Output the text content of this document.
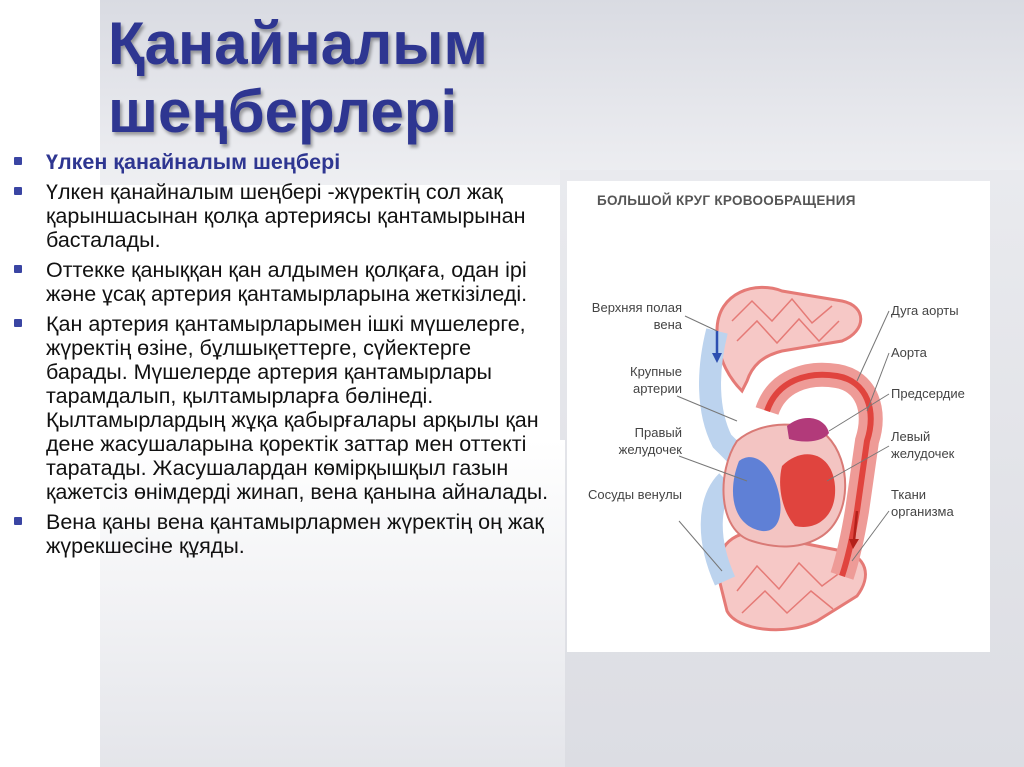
Қанайналым
шеңберлері
Үлкен қанайналым шеңбері
Үлкен қанайналым шеңбері -жүректің сол жақ қарыншасынан қолқа артериясы қантамырынан басталады.
Оттекке қаныққан қан алдымен қолқаға, одан ірі және ұсақ артерия қантамырларына жеткізіледі.
Қан артерия қантамырларымен ішкі мүшелерге, жүректің өзіне, бұлшықеттерге, сүйектерге барады. Мүшелерде артерия қантамырлары тарамдалып, қылтамырларға бөлінеді. Қылтамырлардың жұқа қабырғалары арқылы қан дене жасушаларына қоректік заттар мен оттекті таратады. Жасушалардан көмірқышқыл газын қажетсіз өнімдерді жинап, вена қанына айналады.
Вена қаны вена қантамырлармен жүректің оң жақ жүрекшесіне құяды.
БОЛЬШОЙ КРУГ КРОВООБРАЩЕНИЯ
Верхняя полая вена
Крупные артерии
Правый желудочек
Сосуды венулы
Дуга аорты
Аорта
Предсердие
Левый желудочек
Ткани организма
